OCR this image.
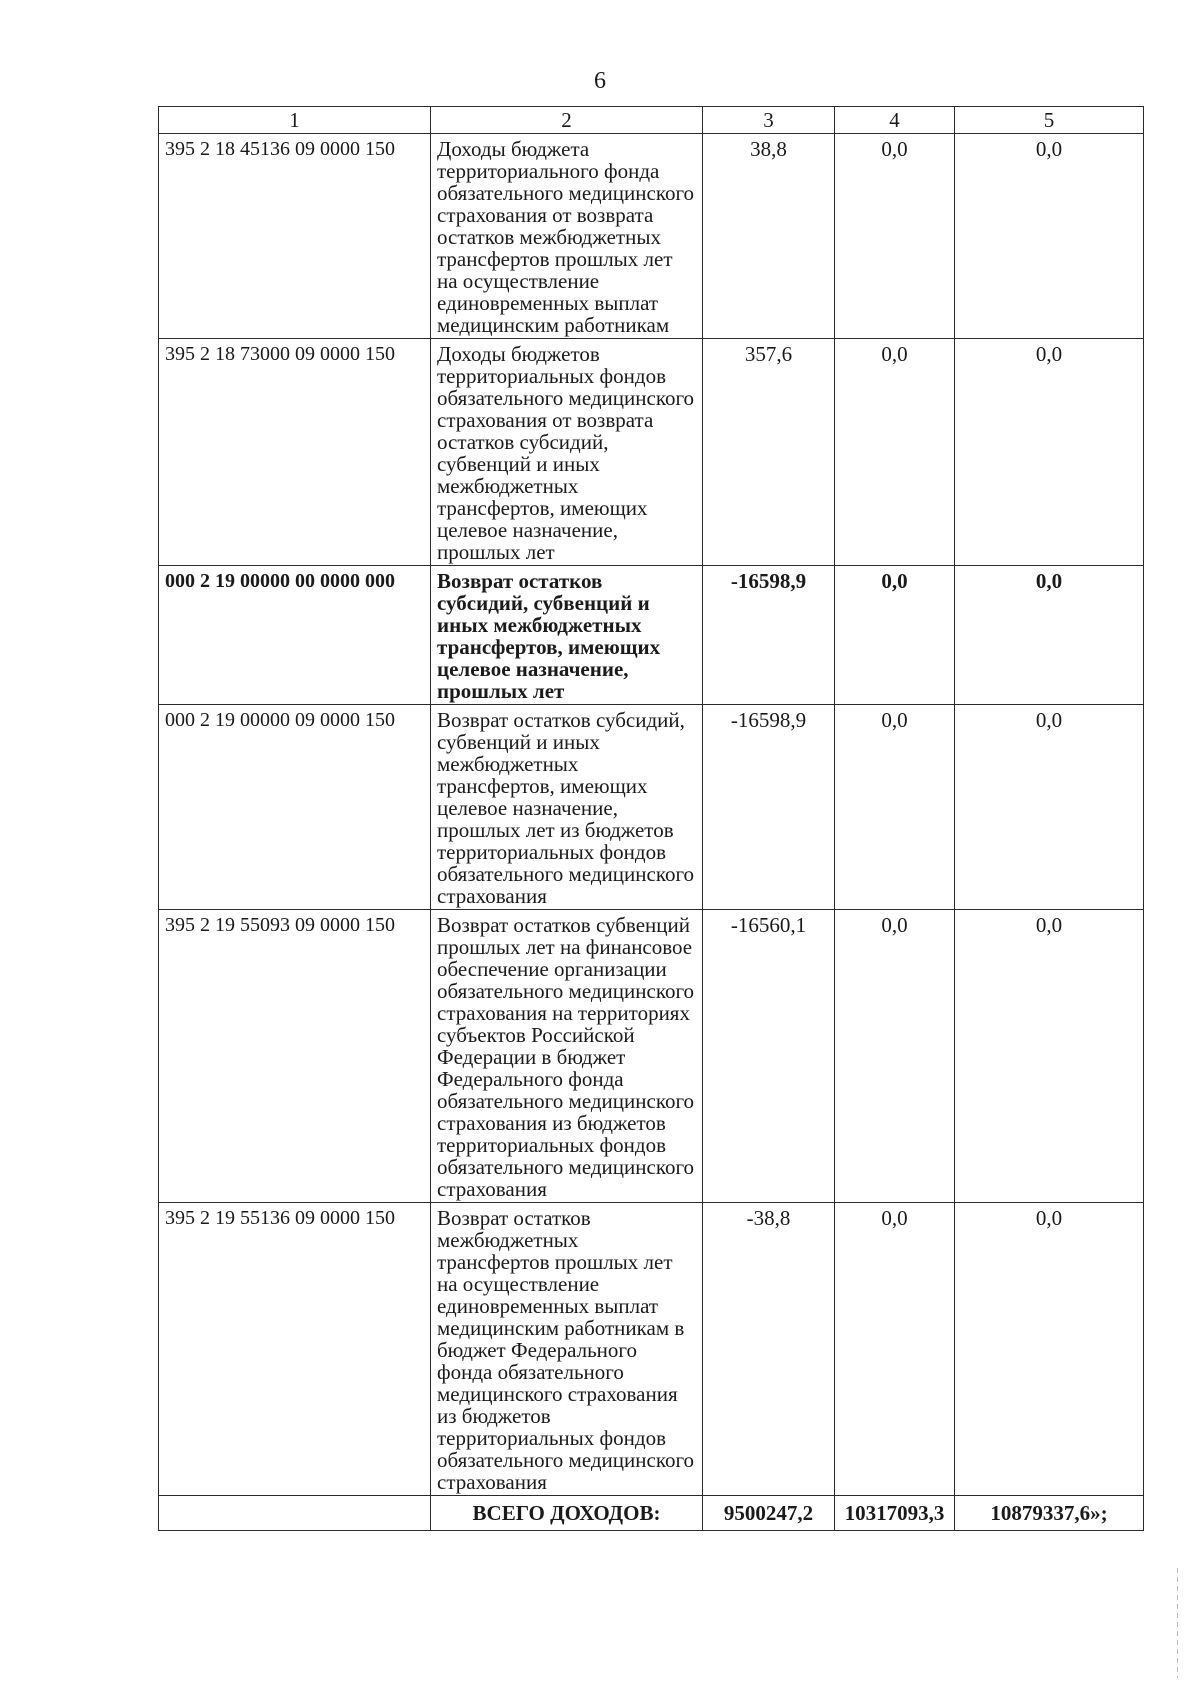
6
1	2	3	4	5
395 2 18 45136 09 0000 150	Доходы бюджета территориального фонда обязательного медицинского страхования от возврата остатков межбюджетных трансфертов прошлых лет на осуществление единовременных выплат медицинским работникам	38,8	0,0	0,0
395 2 18 73000 09 0000 150	Доходы бюджетов территориальных фондов обязательного медицинского страхования от возврата остатков субсидий, субвенций и иных межбюджетных трансфертов, имеющих целевое назначение, прошлых лет	357,6	0,0	0,0
000 2 19 00000 00 0000 000	Возврат остатков субсидий, субвенций и иных межбюджетных трансфертов, имеющих целевое назначение, прошлых лет	-16598,9	0,0	0,0
000 2 19 00000 09 0000 150	Возврат остатков субсидий, субвенций и иных межбюджетных трансфертов, имеющих целевое назначение, прошлых лет из бюджетов территориальных фондов обязательного медицинского страхования	-16598,9	0,0	0,0
395 2 19 55093 09 0000 150	Возврат остатков субвенций прошлых лет на финансовое обеспечение организации обязательного медицинского страхования на территориях субъектов Российской Федерации в бюджет Федерального фонда обязательного медицинского страхования из бюджетов территориальных фондов обязательного медицинского страхования	-16560,1	0,0	0,0
395 2 19 55136 09 0000 150	Возврат остатков межбюджетных трансфертов прошлых лет на осуществление единовременных выплат медицинским работникам в бюджет Федерального фонда обязательного медицинского страхования из бюджетов территориальных фондов обязательного медицинского страхования	-38,8	0,0	0,0
	ВСЕГО ДОХОДОВ:	9500247,2	10317093,3	10879337,6»;
